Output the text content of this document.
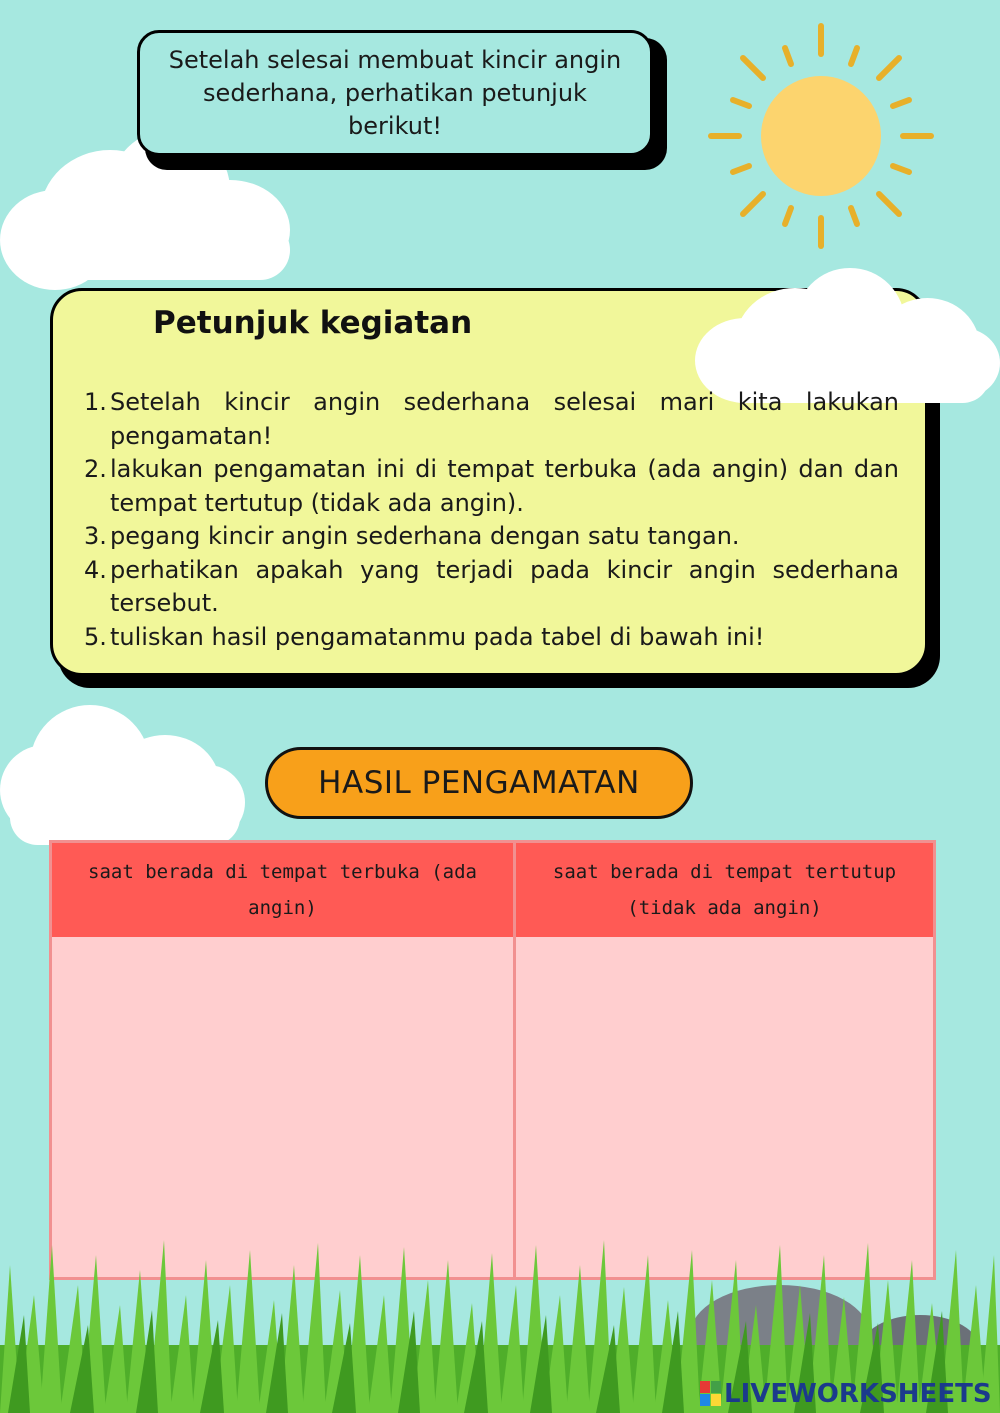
Setelah selesai membuat kincir angin sederhana, perhatikan petunjuk berikut!
Petunjuk kegiatan
1. Setelah kincir angin sederhana selesai mari kita lakukan pengamatan!
2. lakukan pengamatan ini di tempat terbuka (ada angin) dan dan tempat tertutup (tidak ada angin).
3. pegang kincir angin sederhana dengan satu tangan.
4. perhatikan apakah yang terjadi pada kincir angin sederhana tersebut.
5. tuliskan hasil pengamatanmu pada tabel di bawah ini!
HASIL PENGAMATAN
saat berada di tempat terbuka (ada angin)
saat berada di tempat tertutup (tidak ada angin)
LIVEWORKSHEETS
